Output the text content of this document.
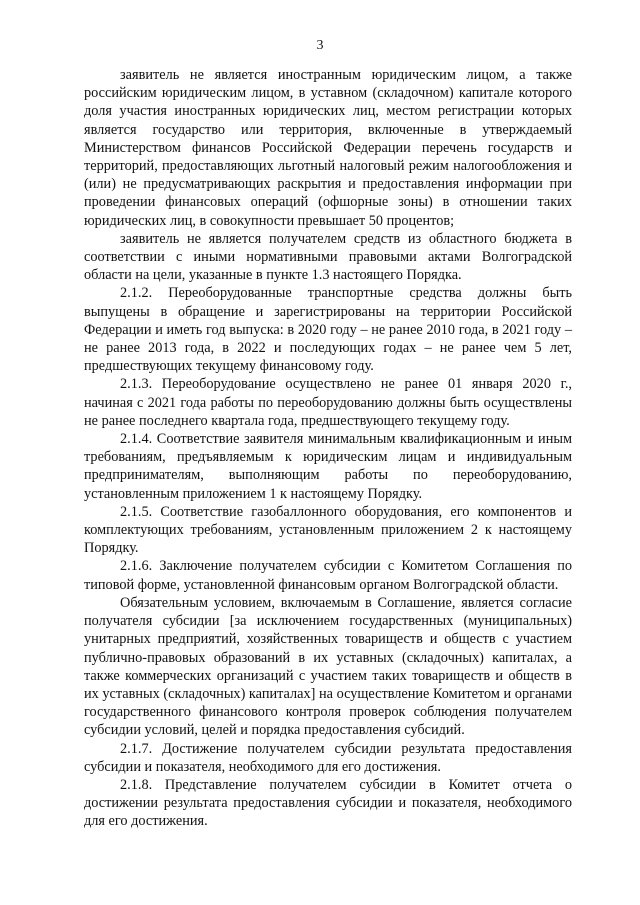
3

заявитель не является иностранным юридическим лицом, а также российским юридическим лицом, в уставном (складочном) капитале которого доля участия иностранных юридических лиц, местом регистрации которых является государство или территория, включенные в утверждаемый Министерством финансов Российской Федерации перечень государств и территорий, предоставляющих льготный налоговый режим налогообложения и (или) не предусматривающих раскрытия и предоставления информации при проведении финансовых операций (офшорные зоны) в отношении таких юридических лиц, в совокупности превышает 50 процентов;

заявитель не является получателем средств из областного бюджета в соответствии с иными нормативными правовыми актами Волгоградской области на цели, указанные в пункте 1.3 настоящего Порядка.

2.1.2. Переоборудованные транспортные средства должны быть выпущены в обращение и зарегистрированы на территории Российской Федерации и иметь год выпуска: в 2020 году – не ранее 2010 года, в 2021 году – не ранее 2013 года, в 2022 и последующих годах – не ранее чем 5 лет, предшествующих текущему финансовому году.

2.1.3. Переоборудование осуществлено не ранее 01 января 2020 г., начиная с 2021 года работы по переоборудованию должны быть осуществлены не ранее последнего квартала года, предшествующего текущему году.

2.1.4. Соответствие заявителя минимальным квалификационным и иным требованиям, предъявляемым к юридическим лицам и индивидуальным предпринимателям, выполняющим работы по переоборудованию, установленным приложением 1 к настоящему Порядку.

2.1.5. Соответствие газобаллонного оборудования, его компонентов и комплектующих требованиям, установленным приложением 2 к настоящему Порядку.

2.1.6. Заключение получателем субсидии с Комитетом Соглашения по типовой форме, установленной финансовым органом Волгоградской области.

Обязательным условием, включаемым в Соглашение, является согласие получателя субсидии [за исключением государственных (муниципальных) унитарных предприятий, хозяйственных товариществ и обществ с участием публично-правовых образований в их уставных (складочных) капиталах, а также коммерческих организаций с участием таких товариществ и обществ в их уставных (складочных) капиталах] на осуществление Комитетом и органами государственного финансового контроля проверок соблюдения получателем субсидии условий, целей и порядка предоставления субсидий.

2.1.7. Достижение получателем субсидии результата предоставления субсидии и показателя, необходимого для его достижения.

2.1.8. Представление получателем субсидии в Комитет отчета о достижении результата предоставления субсидии и показателя, необходимого для его достижения.
